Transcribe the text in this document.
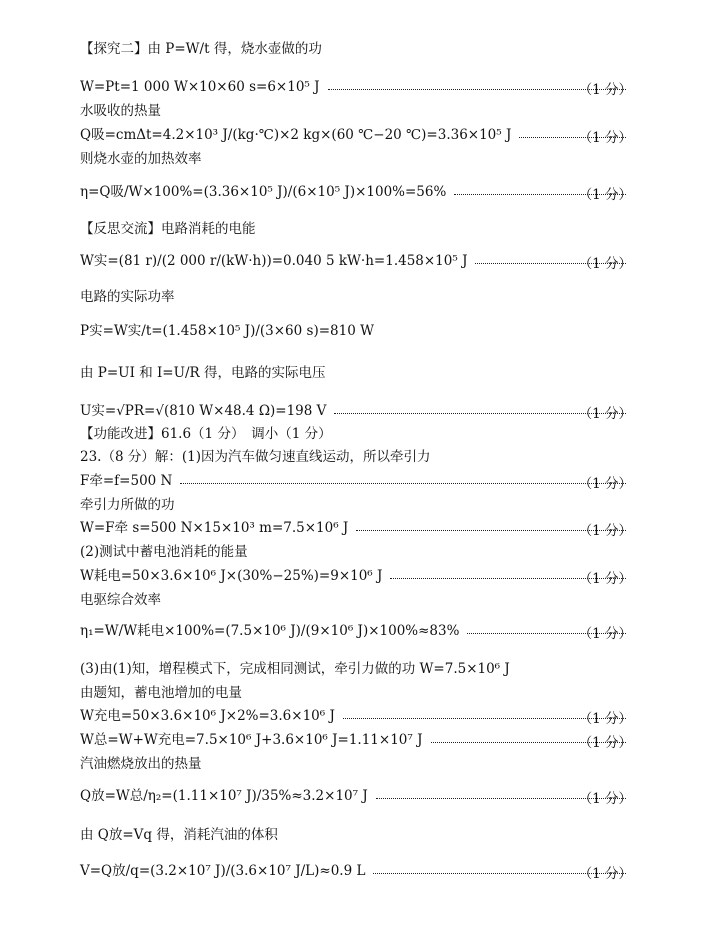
【探究二】由 P=W/t 得，烧水壶做的功
W=Pt=1 000 W×10×60 s=6×10⁵ J	（1 分）
水吸收的热量
Q吸=cmΔt=4.2×10³ J/(kg·℃)×2 kg×(60 ℃−20 ℃)=3.36×10⁵ J	（1 分）
则烧水壶的加热效率
η=Q吸/W×100%=(3.36×10⁵ J)/(6×10⁵ J)×100%=56%	（1 分）
【反思交流】电路消耗的电能
W实=(81 r)/(2 000 r/(kW·h))=0.040 5 kW·h=1.458×10⁵ J	（1 分）
电路的实际功率
P实=W实/t=(1.458×10⁵ J)/(3×60 s)=810 W
由 P=UI 和 I=U/R 得，电路的实际电压
U实=√PR=√(810 W×48.4 Ω)=198 V	（1 分）
【功能改进】61.6（1 分）　调小（1 分）
23.（8 分）解：(1)因为汽车做匀速直线运动，所以牵引力
F牵=f=500 N	（1 分）
牵引力所做的功
W=F牵 s=500 N×15×10³ m=7.5×10⁶ J	（1 分）
(2)测试中蓄电池消耗的能量
W耗电=50×3.6×10⁶ J×(30%−25%)=9×10⁶ J	（1 分）
电驱综合效率
η₁=W/W耗电×100%=(7.5×10⁶ J)/(9×10⁶ J)×100%≈83%	（1 分）
(3)由(1)知，增程模式下，完成相同测试，牵引力做的功 W=7.5×10⁶ J
由题知，蓄电池增加的电量
W充电=50×3.6×10⁶ J×2%=3.6×10⁶ J	（1 分）
W总=W+W充电=7.5×10⁶ J+3.6×10⁶ J=1.11×10⁷ J	（1 分）
汽油燃烧放出的热量
Q放=W总/η₂=(1.11×10⁷ J)/35%≈3.2×10⁷ J	（1 分）
由 Q放=Vq 得，消耗汽油的体积
V=Q放/q=(3.2×10⁷ J)/(3.6×10⁷ J/L)≈0.9 L	（1 分）
